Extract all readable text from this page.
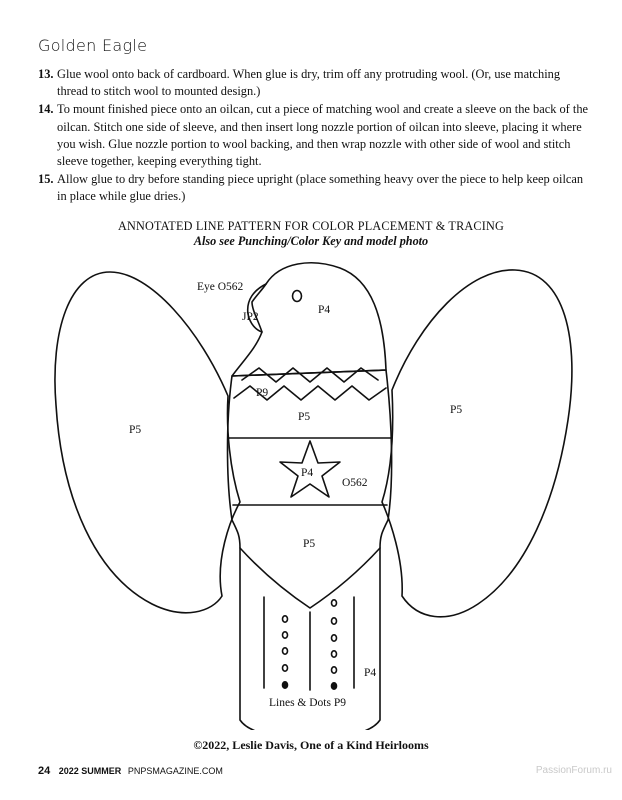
Golden Eagle
13. Glue wool onto back of cardboard. When glue is dry, trim off any protruding wool. (Or, use matching thread to stitch wool to mounted design.)
14. To mount finished piece onto an oilcan, cut a piece of matching wool and create a sleeve on the back of the oilcan. Stitch one side of sleeve, and then insert long nozzle portion of oilcan into sleeve, placing it where you wish. Glue nozzle portion to wool backing, and then wrap nozzle with other side of wool and stitch sleeve together, keeping everything tight.
15. Allow glue to dry before standing piece upright (place something heavy over the piece to help keep oilcan in place while glue dries.)
ANNOTATED LINE PATTERN FOR COLOR PLACEMENT & TRACING
Also see Punching/Color Key and model photo
Eye O562
JP2
P4
P9
P5
P4
O562
P5
P5
P5
P4
Lines & Dots P9
©2022, Leslie Davis, One of a Kind Heirlooms
24 2022 SUMMER PNPSMAGAZINE.COM	PassionForum.ru
